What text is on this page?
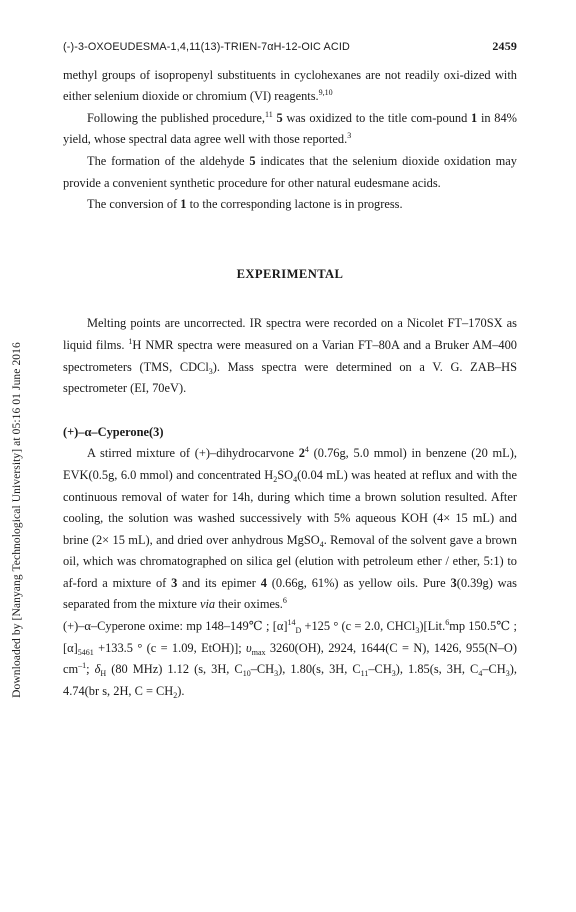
Downloaded by [Nanyang Technological University] at 05:16 01 June 2016
(-)-3-OXOEUDESMA-1,4,11(13)-TRIEN-7αH-12-OIC ACID	2459

methyl groups of isopropenyl substituents in cyclohexanes are not readily oxi-dized with either selenium dioxide or chromium (VI) reagents.$^{9,10}$

Following the published procedure,$^{11}$ 5 was oxidized to the title com-pound 1 in 84% yield, whose spectral data agree well with those reported.$^3$

The formation of the aldehyde 5 indicates that the selenium dioxide oxidation may provide a convenient synthetic procedure for other natural eudesmane acids.

The conversion of 1 to the corresponding lactone is in progress.

EXPERIMENTAL

Melting points are uncorrected. IR spectra were recorded on a Nicolet FT–170SX as liquid films. $^1$H NMR spectra were measured on a Varian FT–80A and a Bruker AM–400 spectrometers (TMS, CDCl$_3$). Mass spectra were determined on a V. G. ZAB–HS spectrometer (EI, 70eV).

(+)–α–Cyperone(3)

A stirred mixture of (+)–dihydrocarvone $2^4$ (0.76g, 5.0 mmol) in benzene (20 mL), EVK(0.5g, 6.0 mmol) and concentrated $H_2SO_4(0.04$ mL) was heated at reflux and with the continuous removal of water for 14h, during which time a brown solution resulted. After cooling, the solution was washed successively with 5% aqueous KOH (4× 15 mL) and brine (2× 15 mL), and dried over anhydrous MgSO$_4$. Removal of the solvent gave a brown oil, which was chromatographed on silica gel (elution with petroleum ether / ether, 5:1) to af-ford a mixture of 3 and its epimer 4 (0.66g, 61%) as yellow oils. Pure 3(0.39g) was separated from the mixture via their oximes.$^6$

(+)–α–Cyperone oxime: mp 148–149℃ ; $[\alpha]^{14}_D +125$ ° (c = 2.0, CHCl$_3$)[Lit.$^6$mp 150.5℃ ; $[\alpha]_{5461} +133.5$ ° (c = 1.09, EtOH)]; $\upsilon_{max}$ 3260(OH), 2924, 1644(C = N), 1426, 955(N–O) $cm^{-1}$; $\delta_H$ (80 MHz) 1.12 (s, 3H, $C_{10}-CH_3$), 1.80(s, 3H, $C_{11}-CH_3$), 1.85(s, 3H, $C_4-CH_3$), 4.74(br s, 2H, $C = CH_2$).
